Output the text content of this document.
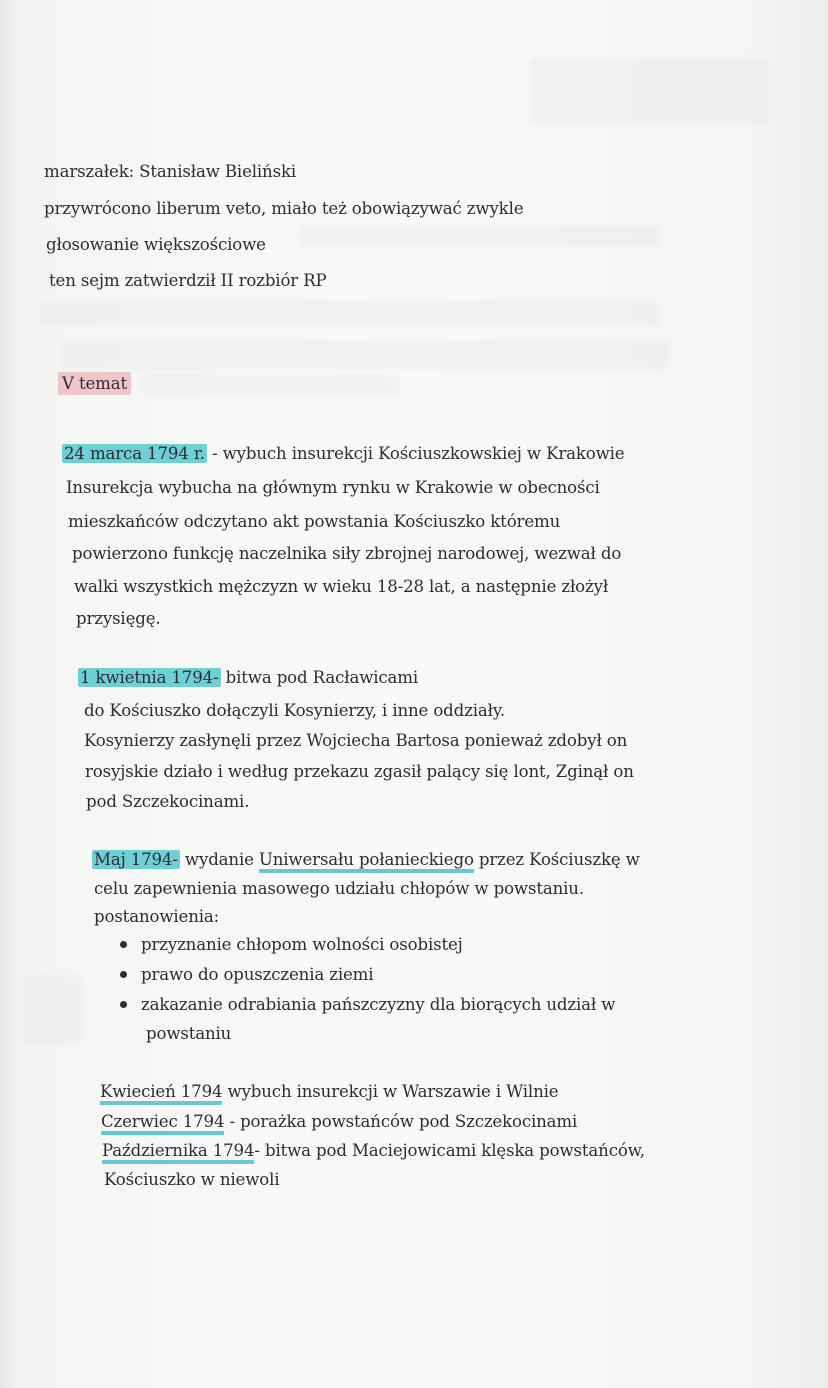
marszałek: Stanisław Bieliński
przywrócono liberum veto, miało też obowiązywać zwykle
głosowanie większościowe
ten sejm zatwierdził II rozbiór RP
V temat
24 marca 1794 r. - wybuch insurekcji Kościuszkowskiej w Krakowie
Insurekcja wybucha na głównym rynku w Krakowie w obecności
mieszkańców odczytano akt powstania Kościuszko któremu
powierzono funkcję naczelnika siły zbrojnej narodowej, wezwał do
walki wszystkich mężczyzn w wieku 18-28 lat, a następnie złożył
przysięgę.
1 kwietnia 1794- bitwa pod Racławicami
do Kościuszko dołączyli Kosynierzy, i inne oddziały.
Kosynierzy zasłynęli przez Wojciecha Bartosa ponieważ zdobył on
rosyjskie działo i według przekazu zgasił palący się lont, Zginął on
pod Szczekocinami.
Maj 1794- wydanie Uniwersału połanieckiego przez Kościuszkę w
celu zapewnienia masowego udziału chłopów w powstaniu.
postanowienia:
przyznanie chłopom wolności osobistej
prawo do opuszczenia ziemi
zakazanie odrabiania pańszczyzny dla biorących udział w
powstaniu
Kwiecień 1794 wybuch insurekcji w Warszawie i Wilnie
Czerwiec 1794 - porażka powstańców pod Szczekocinami
Października 1794- bitwa pod Maciejowicami klęska powstańców,
Kościuszko w niewoli
